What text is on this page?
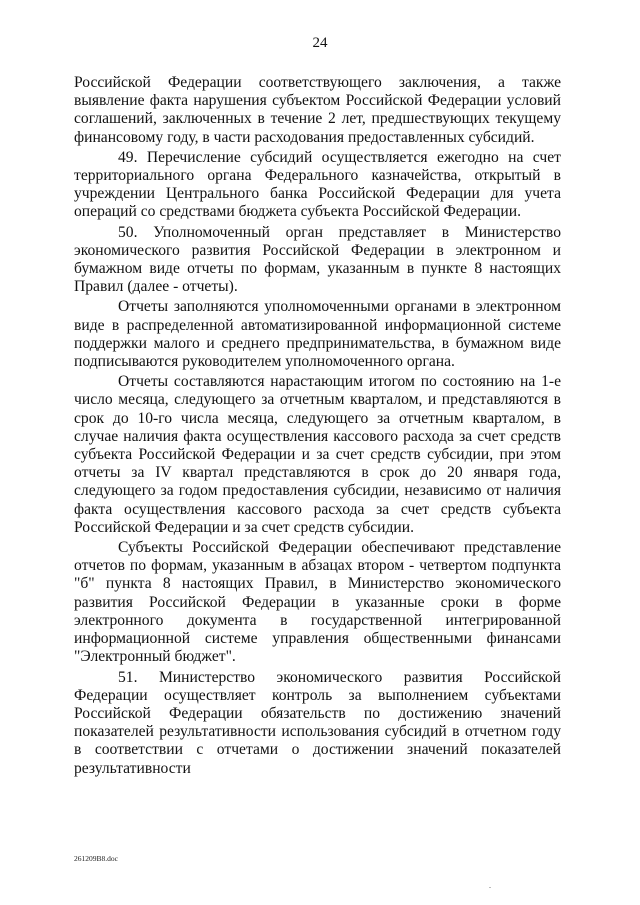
24

Российской Федерации соответствующего заключения, а также выявление факта нарушения субъектом Российской Федерации условий соглашений, заключенных в течение 2 лет, предшествующих текущему финансовому году, в части расходования предоставленных субсидий.

49. Перечисление субсидий осуществляется ежегодно на счет территориального органа Федерального казначейства, открытый в учреждении Центрального банка Российской Федерации для учета операций со средствами бюджета субъекта Российской Федерации.

50. Уполномоченный орган представляет в Министерство экономического развития Российской Федерации в электронном и бумажном виде отчеты по формам, указанным в пункте 8 настоящих Правил (далее - отчеты).

Отчеты заполняются уполномоченными органами в электронном виде в распределенной автоматизированной информационной системе поддержки малого и среднего предпринимательства, в бумажном виде подписываются руководителем уполномоченного органа.

Отчеты составляются нарастающим итогом по состоянию на 1-е число месяца, следующего за отчетным кварталом, и представляются в срок до 10-го числа месяца, следующего за отчетным кварталом, в случае наличия факта осуществления кассового расхода за счет средств субъекта Российской Федерации и за счет средств субсидии, при этом отчеты за IV квартал представляются в срок до 20 января года, следующего за годом предоставления субсидии, независимо от наличия факта осуществления кассового расхода за счет средств субъекта Российской Федерации и за счет средств субсидии.

Субъекты Российской Федерации обеспечивают представление отчетов по формам, указанным в абзацах втором - четвертом подпункта "б" пункта 8 настоящих Правил, в Министерство экономического развития Российской Федерации в указанные сроки в форме электронного документа в государственной интегрированной информационной системе управления общественными финансами "Электронный бюджет".

51. Министерство экономического развития Российской Федерации осуществляет контроль за выполнением субъектами Российской Федерации обязательств по достижению значений показателей результативности использования субсидий в отчетном году в соответствии с отчетами о достижении значений показателей результативности

261209B8.doc
